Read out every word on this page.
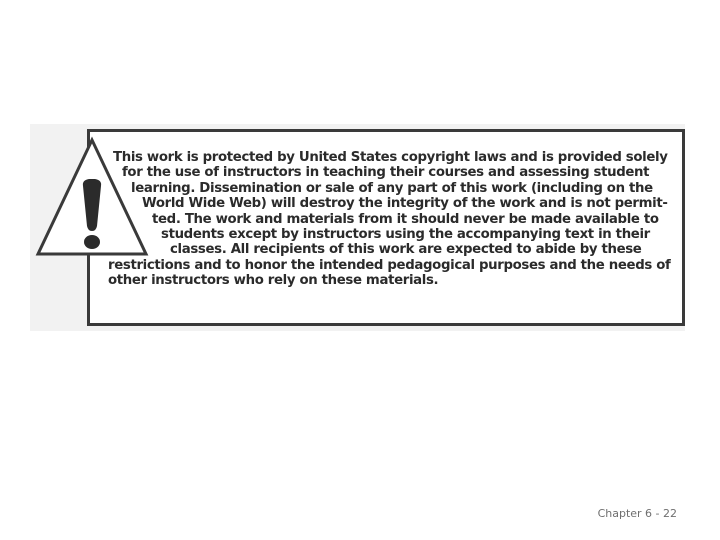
This work is protected by United States copyright laws and is provided solely
for the use of instructors in teaching their courses and assessing student
learning. Dissemination or sale of any part of this work (including on the
World Wide Web) will destroy the integrity of the work and is not permit-
ted. The work and materials from it should never be made available to
students except by instructors using the accompanying text in their
classes. All recipients of this work are expected to abide by these
restrictions and to honor the intended pedagogical purposes and the needs of
other instructors who rely on these materials.
Chapter 6 - 22
